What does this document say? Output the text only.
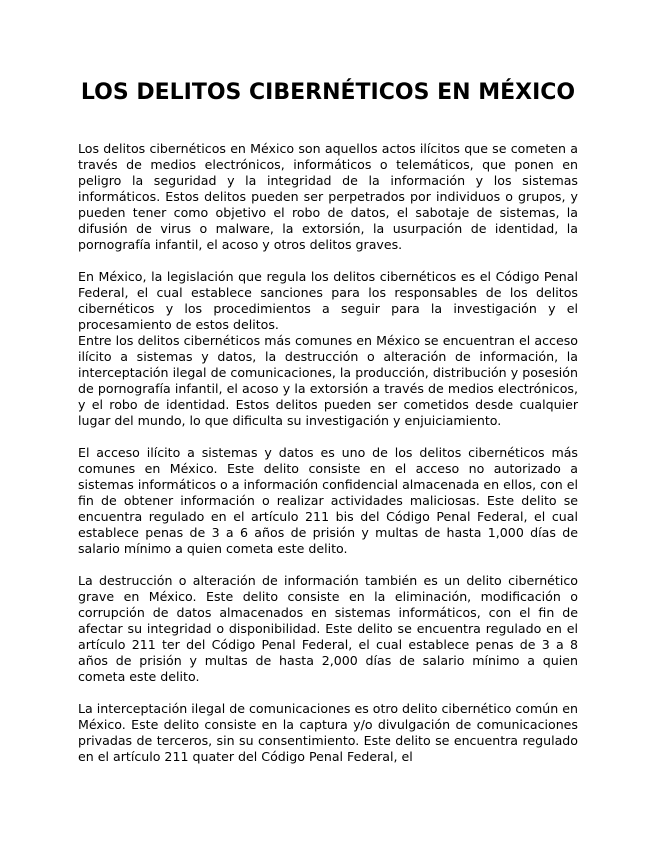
LOS DELITOS CIBERNÉTICOS EN MÉXICO

Los delitos cibernéticos en México son aquellos actos ilícitos que se cometen a través de medios electrónicos, informáticos o telemáticos, que ponen en peligro la seguridad y la integridad de la información y los sistemas informáticos. Estos delitos pueden ser perpetrados por individuos o grupos, y pueden tener como objetivo el robo de datos, el sabotaje de sistemas, la difusión de virus o malware, la extorsión, la usurpación de identidad, la pornografía infantil, el acoso y otros delitos graves.

En México, la legislación que regula los delitos cibernéticos es el Código Penal Federal, el cual establece sanciones para los responsables de los delitos cibernéticos y los procedimientos a seguir para la investigación y el procesamiento de estos delitos.

Entre los delitos cibernéticos más comunes en México se encuentran el acceso ilícito a sistemas y datos, la destrucción o alteración de información, la interceptación ilegal de comunicaciones, la producción, distribución y posesión de pornografía infantil, el acoso y la extorsión a través de medios electrónicos, y el robo de identidad. Estos delitos pueden ser cometidos desde cualquier lugar del mundo, lo que dificulta su investigación y enjuiciamiento.

El acceso ilícito a sistemas y datos es uno de los delitos cibernéticos más comunes en México. Este delito consiste en el acceso no autorizado a sistemas informáticos o a información confidencial almacenada en ellos, con el fin de obtener información o realizar actividades maliciosas. Este delito se encuentra regulado en el artículo 211 bis del Código Penal Federal, el cual establece penas de 3 a 6 años de prisión y multas de hasta 1,000 días de salario mínimo a quien cometa este delito.

La destrucción o alteración de información también es un delito cibernético grave en México. Este delito consiste en la eliminación, modificación o corrupción de datos almacenados en sistemas informáticos, con el fin de afectar su integridad o disponibilidad. Este delito se encuentra regulado en el artículo 211 ter del Código Penal Federal, el cual establece penas de 3 a 8 años de prisión y multas de hasta 2,000 días de salario mínimo a quien cometa este delito.

La interceptación ilegal de comunicaciones es otro delito cibernético común en México. Este delito consiste en la captura y/o divulgación de comunicaciones privadas de terceros, sin su consentimiento. Este delito se encuentra regulado en el artículo 211 quater del Código Penal Federal, el
